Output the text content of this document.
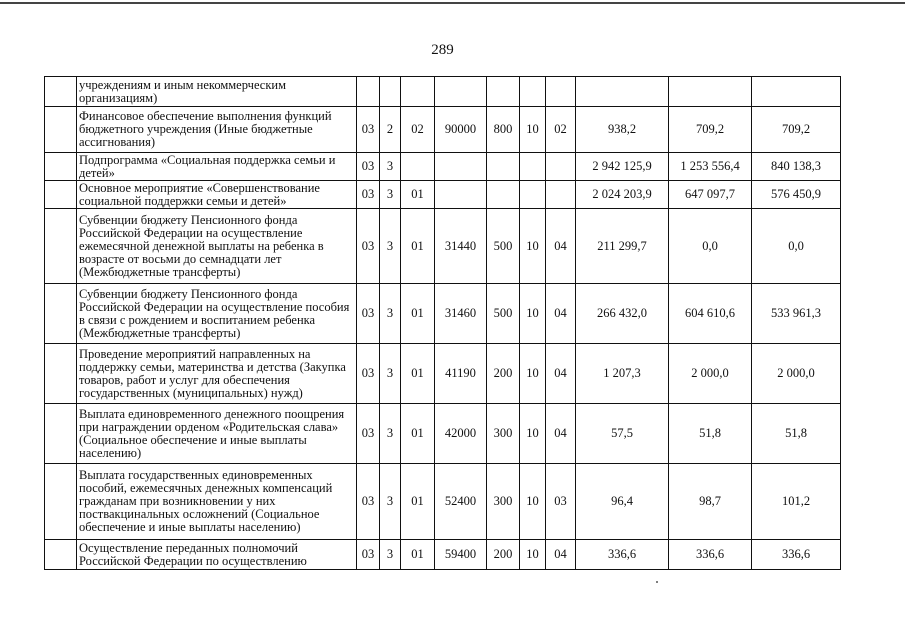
289
	учреждениям и иным некоммерческим организациям)										
	Финансовое обеспечение выполнения функций бюджетного учреждения (Иные бюджетные ассигнования)	03	2	02	90000	800	10	02	938,2	709,2	709,2
	Подпрограмма «Социальная поддержка семьи и детей»	03	3						2 942 125,9	1 253 556,4	840 138,3
	Основное мероприятие «Совершенствование социальной поддержки семьи и детей»	03	3	01					2 024 203,9	647 097,7	576 450,9
	Субвенции бюджету Пенсионного фонда Российской Федерации на осуществление ежемесячной денежной выплаты на ребенка в возрасте от восьми до семнадцати лет (Межбюджетные трансферты)	03	3	01	31440	500	10	04	211 299,7	0,0	0,0
	Субвенции бюджету Пенсионного фонда Российской Федерации на осуществление пособия в связи с рождением и воспитанием ребенка (Межбюджетные трансферты)	03	3	01	31460	500	10	04	266 432,0	604 610,6	533 961,3
	Проведение мероприятий направленных на поддержку семьи, материнства и детства (Закупка товаров, работ и услуг для обеспечения государственных (муниципальных) нужд)	03	3	01	41190	200	10	04	1 207,3	2 000,0	2 000,0
	Выплата единовременного денежного поощрения при награждении орденом «Родительская слава» (Социальное обеспечение и иные выплаты населению)	03	3	01	42000	300	10	04	57,5	51,8	51,8
	Выплата государственных единовременных пособий, ежемесячных денежных компенсаций гражданам при возникновении у них поствакцинальных осложнений (Социальное обеспечение и иные выплаты населению)	03	3	01	52400	300	10	03	96,4	98,7	101,2
	Осуществление переданных полномочий Российской Федерации по осуществлению	03	3	01	59400	200	10	04	336,6	336,6	336,6
